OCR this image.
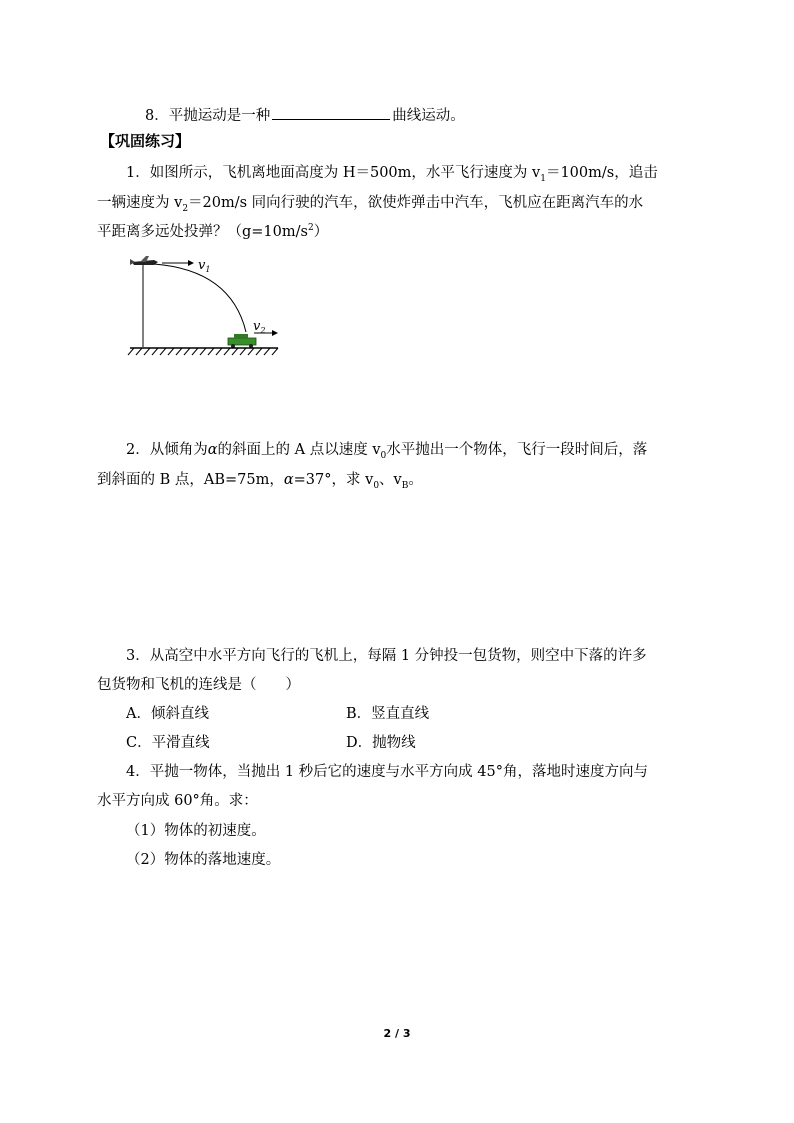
8．平抛运动是一种	曲线运动。
【巩固练习】
1．如图所示，飞机离地面高度为 H＝500m，水平飞行速度为 $v_1=100m/s$，追击
一辆速度为 $v_2=20m/s$ 同向行驶的汽车，欲使炸弹击中汽车，飞机应在距离汽车的水
平距离多远处投弹？$(g=10m/s^2)$
$v_1$
$v_2$
2．从倾角为α的斜面上的 A 点以速度 $v_0$水平抛出一个物体，飞行一段时间后，落
到斜面的 B 点，AB=75m，α=37°，求 $v_0$、$v_B$。
3．从高空中水平方向飞行的飞机上，每隔 1 分钟投一包货物，则空中下落的许多
包货物和飞机的连线是（　　）
A．倾斜直线	B．竖直直线
C．平滑直线	D．抛物线
4．平抛一物体，当抛出 1 秒后它的速度与水平方向成 45°角，落地时速度方向与
水平方向成 60°角。求：
（1）物体的初速度。
（2）物体的落地速度。
2 / 3
